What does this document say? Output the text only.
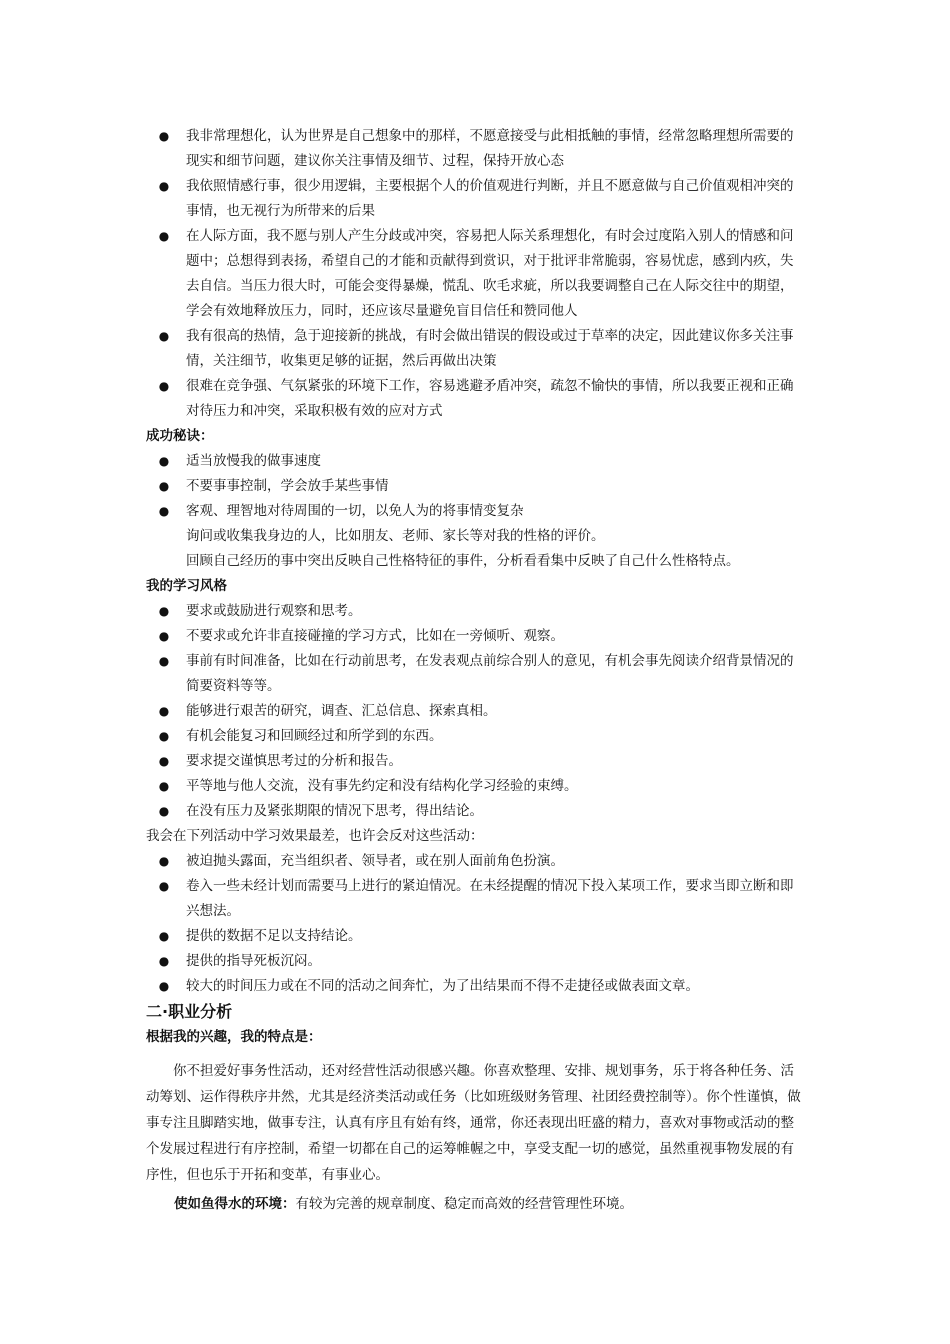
● 我非常理想化，认为世界是自己想象中的那样，不愿意接受与此相抵触的事情，经常忽略理想所需要的现实和细节问题，建议你关注事情及细节、过程，保持开放心态
● 我依照情感行事，很少用逻辑，主要根据个人的价值观进行判断，并且不愿意做与自己价值观相冲突的事情，也无视行为所带来的后果
● 在人际方面，我不愿与别人产生分歧或冲突，容易把人际关系理想化，有时会过度陷入别人的情感和问题中；总想得到表扬，希望自己的才能和贡献得到赏识，对于批评非常脆弱，容易忧虑，感到内疚，失去自信。当压力很大时，可能会变得暴燥，慌乱、吹毛求疵，所以我要调整自己在人际交往中的期望，学会有效地释放压力，同时，还应该尽量避免盲目信任和赞同他人
● 我有很高的热情，急于迎接新的挑战，有时会做出错误的假设或过于草率的决定，因此建议你多关注事情，关注细节，收集更足够的证据，然后再做出决策
● 很难在竞争强、气氛紧张的环境下工作，容易逃避矛盾冲突，疏忽不愉快的事情，所以我要正视和正确对待压力和冲突，采取积极有效的应对方式
成功秘诀：
● 适当放慢我的做事速度
● 不要事事控制，学会放手某些事情
● 客观、理智地对待周围的一切，以免人为的将事情变复杂
询问或收集我身边的人，比如朋友、老师、家长等对我的性格的评价。
回顾自己经历的事中突出反映自己性格特征的事件，分析看看集中反映了自己什么性格特点。
我的学习风格
● 要求或鼓励进行观察和思考。
● 不要求或允许非直接碰撞的学习方式，比如在一旁倾听、观察。
● 事前有时间准备，比如在行动前思考，在发表观点前综合别人的意见，有机会事先阅读介绍背景情况的简要资料等等。
● 能够进行艰苦的研究，调查、汇总信息、探索真相。
● 有机会能复习和回顾经过和所学到的东西。
● 要求提交谨慎思考过的分析和报告。
● 平等地与他人交流，没有事先约定和没有结构化学习经验的束缚。
● 在没有压力及紧张期限的情况下思考，得出结论。
我会在下列活动中学习效果最差，也许会反对这些活动：
● 被迫抛头露面，充当组织者、领导者，或在别人面前角色扮演。
● 卷入一些未经计划而需要马上进行的紧迫情况。在未经提醒的情况下投入某项工作，要求当即立断和即兴想法。
● 提供的数据不足以支持结论。
● 提供的指导死板沉闷。
● 较大的时间压力或在不同的活动之间奔忙，为了出结果而不得不走捷径或做表面文章。
二·职业分析
根据我的兴趣，我的特点是：
你不担爱好事务性活动，还对经营性活动很感兴趣。你喜欢整理、安排、规划事务，乐于将各种任务、活动筹划、运作得秩序井然，尤其是经济类活动或任务（比如班级财务管理、社团经费控制等）。你个性谨慎，做事专注且脚踏实地，做事专注，认真有序且有始有终，通常，你还表现出旺盛的精力，喜欢对事物或活动的整个发展过程进行有序控制，希望一切都在自己的运筹帷幄之中，享受支配一切的感觉，虽然重视事物发展的有序性，但也乐于开拓和变革，有事业心。
使如鱼得水的环境：有较为完善的规章制度、稳定而高效的经营管理性环境。
